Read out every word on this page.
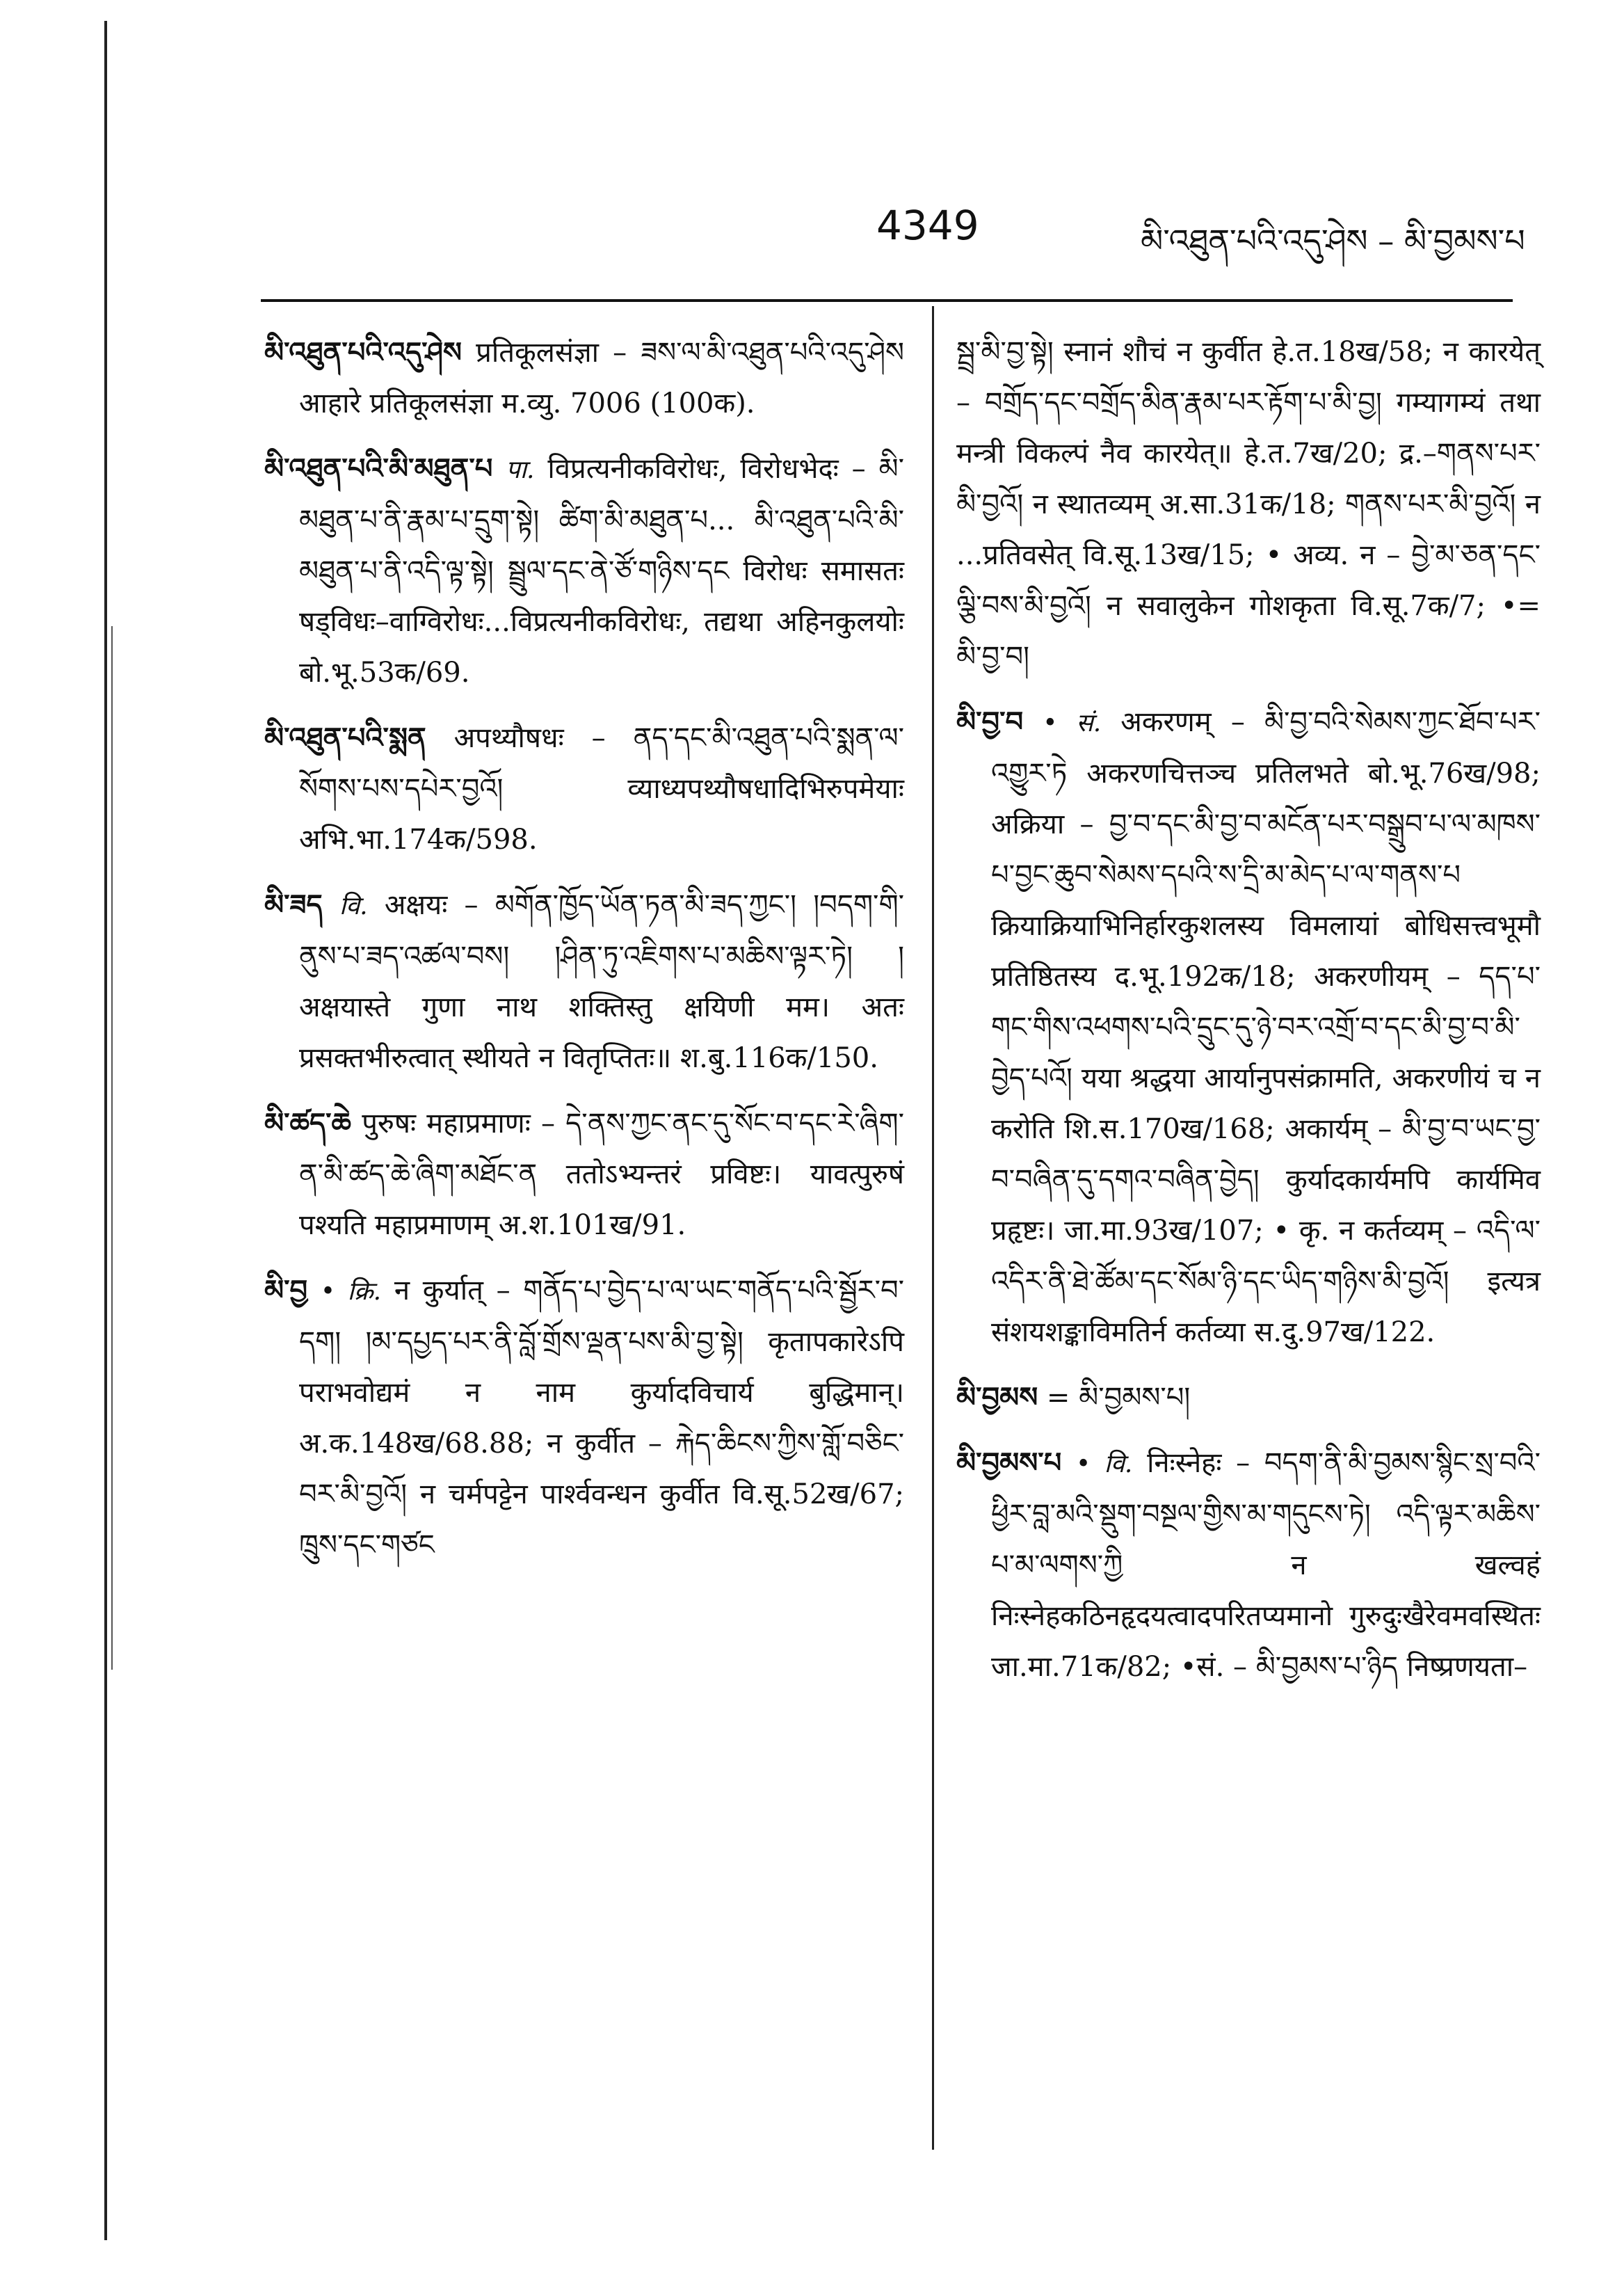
4349	མི་འཐུན་པའི་འདུ་ཤེས – མི་བྱམས་པ

མི་འཐུན་པའི་འདུ་ཤེས प्रतिकूलसंज्ञा – ཟས་ལ་མི་འཐུན་པའི་འདུ་ཤེས आहारे प्रतिकूलसंज्ञा म.व्यु. 7006 (100क).

མི་འཐུན་པའི་མི་མཐུན་པ पा. विप्रत्यनीकविरोधः, विरोधभेदः – མི་མཐུན་པ་ནི་རྣམ་པ་དྲུག་སྟེ། ཚིག་མི་མཐུན་པ... མི་འཐུན་པའི་མི་མཐུན་པ་ནི་འདི་ལྟ་སྟེ། སྦྲུལ་དང་ནེ་ཙོ་གཉིས་དང विरोधः समासतः षड्विधः–वाग्विरोधः...विप्रत्यनीकविरोधः, तद्यथा अहिनकुलयोः बो.भू.53क/69.

མི་འཐུན་པའི་སྨན अपथ्यौषधः – ནད་དང་མི་འཐུན་པའི་སྨན་ལ་སོགས་པས་དཔེར་བྱའོ། व्याध्यपथ्यौषधादिभिरुपमेयाः अभि.भा.174क/598.

མི་ཟད वि. अक्षयः – མགོན་ཁྱོད་ཡོན་ཏན་མི་ཟད་ཀྱང་། །བདག་གི་ནུས་པ་ཟད་འཚལ་བས། །ཤིན་ཏུ་འཇིགས་པ་མཆིས་ལྟར་ཏེ། ། अक्षयास्ते गुणा नाथ शक्तिस्तु क्षयिणी मम। अतः प्रसक्तभीरुत्वात् स्थीयते न वितृप्तितः॥ श.बु.116क/150.

མི་ཚད་ཆེ पुरुषः महाप्रमाणः – དེ་ནས་ཀྱང་ནང་དུ་སོང་བ་དང་རེ་ཞིག་ན་མི་ཚད་ཆེ་ཞིག་མཐོང་ན ततोऽभ्यन्तरं प्रविष्टः। यावत्पुरुषं पश्यति महाप्रमाणम् अ.श.101ख/91.

མི་བྱ • क्रि. न कुर्यात् – གནོད་པ་བྱེད་པ་ལ་ཡང་གནོད་པའི་སྦྱོར་བ་དག། །མ་དཔྱད་པར་ནི་བློ་གྲོས་ལྡན་པས་མི་བྱ་སྟེ། कृतापकारेऽपि पराभवोद्यमं न नाम कुर्यादविचार्य बुद्धिमान्। अ.क.148ख/68.88; न कुर्वीत – རྐེད་ཆིངས་ཀྱིས་གློ་བཅིང་བར་མི་བྱའོ། न चर्मपट्टेन पार्श्ववन्धन कुर्वीत वि.सू.52ख/67; ཁྲུས་དང་གཙང

སྦྲ་མི་བྱ་སྟེ། स्नानं शौचं न कुर्वीत हे.त.18ख/58; न कारयेत् – བགྲོད་དང་བགྲོད་མིན་རྣམ་པར་རྟོག་པ་མི་བྱ། गम्यागम्यं तथा मन्त्री विकल्पं नैव कारयेत्॥ हे.त.7ख/20; द्र.–གནས་པར་མི་བྱའོ། न स्थातव्यम् अ.सा.31क/18; གནས་པར་མི་བྱའོ། न ...प्रतिवसेत् वि.सू.13ख/15; • अव्य. न – བྱེ་མ་ཅན་དང་ལྕི་བས་མི་བྱའོ། न सवालुकेन गोशकृता वि.सू.7क/7; •= མི་བྱ་བ།

མི་བྱ་བ • सं. अकरणम् – མི་བྱ་བའི་སེམས་ཀྱང་ཐོབ་པར་འགྱུར་ཏེ अकरणचित्तञ्च प्रतिलभते बो.भू.76ख/98; अक्रिया – བྱ་བ་དང་མི་བྱ་བ་མངོན་པར་བསྒྲུབ་པ་ལ་མཁས་པ་བྱང་ཆུབ་སེམས་དཔའི་ས་དྲི་མ་མེད་པ་ལ་གནས་པ क्रियाक्रियाभिनिर्हारकुशलस्य विमलायां बोधिसत्त्वभूमौ प्रतिष्ठितस्य द.भू.192क/18; अकरणीयम् – དད་པ་གང་གིས་འཕགས་པའི་དྲུང་དུ་ཉེ་བར་འགྲོ་བ་དང་མི་བྱ་བ་མི་བྱེད་པའོ། यया श्रद्धया आर्यानुपसंक्रामति, अकरणीयं च न करोति शि.स.170ख/168; अकार्यम् – མི་བྱ་བ་ཡང་བྱ་བ་བཞིན་དུ་དགའ་བཞིན་བྱེད། कुर्यादकार्यमपि कार्यमिव प्रहृष्टः। जा.मा.93ख/107; • कृ. न कर्तव्यम् – འདི་ལ་འདིར་ནི་ཐེ་ཚོམ་དང་སོམ་ཉི་དང་ཡིད་གཉིས་མི་བྱའོ། इत्यत्र संशयशङ्काविमतिर्न कर्तव्या स.दु.97ख/122.

མི་བྱམས = མི་བྱམས་པ།

མི་བྱམས་པ • वि. निःस्नेहः – བདག་ནི་མི་བྱམས་སྙིང་སྲ་བའི་ཕྱིར་བླ་མའི་སྡུག་བསྔལ་གྱིས་མ་གདུངས་ཏེ། འདི་ལྟར་མཆིས་པ་མ་ལགས་ཀྱི न खल्वहं निःस्नेहकठिनहृदयत्वादपरितप्यमानो गुरुदुःखैरेवमवस्थितः जा.मा.71क/82; •सं. – མི་བྱམས་པ་ཉིད निष्प्रणयता–
